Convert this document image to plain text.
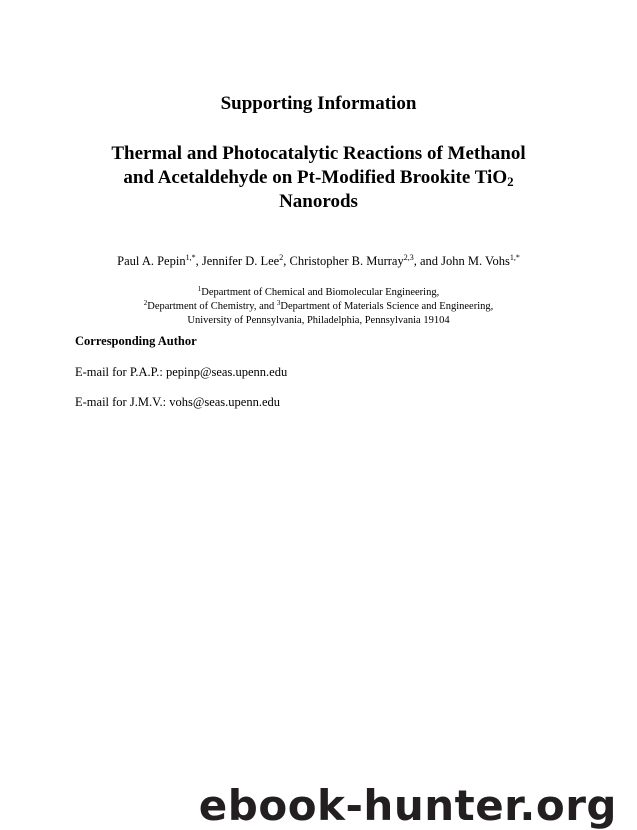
Supporting Information
Thermal and Photocatalytic Reactions of Methanol
and Acetaldehyde on Pt-Modified Brookite TiO$_2$
Nanorods
Paul A. Pepin$^{1,*}$, Jennifer D. Lee$^2$, Christopher B. Murray$^{2,3}$, and John M. Vohs$^{1,*}$
$^1$Department of Chemical and Biomolecular Engineering,
$^2$Department of Chemistry, and $^3$Department of Materials Science and Engineering,
University of Pennsylvania, Philadelphia, Pennsylvania 19104
Corresponding Author
E-mail for P.A.P.: pepinp@seas.upenn.edu
E-mail for J.M.V.: vohs@seas.upenn.edu
ebook-hunter.org
